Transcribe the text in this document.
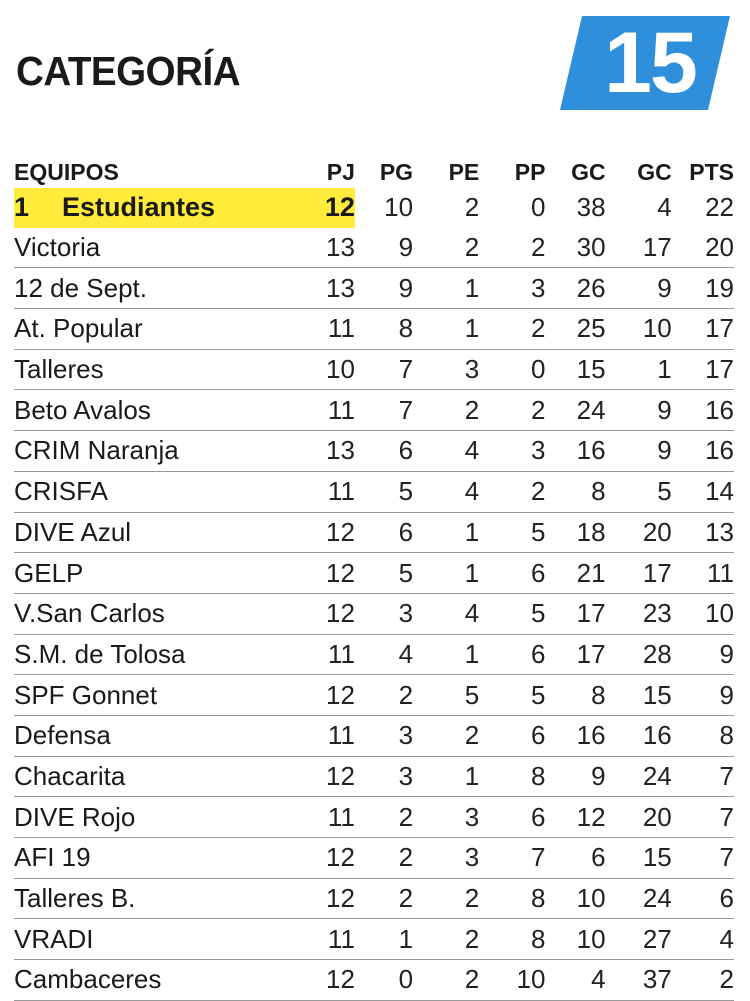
CATEGORÍA	15
EQUIPOS	PJ	PG	PE	PP	GC	GC	PTS
1 Estudiantes	12	10	2	0	38	4	22
Victoria	13	9	2	2	30	17	20
12 de Sept.	13	9	1	3	26	9	19
At. Popular	11	8	1	2	25	10	17
Talleres	10	7	3	0	15	1	17
Beto Avalos	11	7	2	2	24	9	16
CRIM Naranja	13	6	4	3	16	9	16
CRISFA	11	5	4	2	8	5	14
DIVE Azul	12	6	1	5	18	20	13
GELP	12	5	1	6	21	17	11
V.San Carlos	12	3	4	5	17	23	10
S.M. de Tolosa	11	4	1	6	17	28	9
SPF Gonnet	12	2	5	5	8	15	9
Defensa	11	3	2	6	16	16	8
Chacarita	12	3	1	8	9	24	7
DIVE Rojo	11	2	3	6	12	20	7
AFI 19	12	2	3	7	6	15	7
Talleres B.	12	2	2	8	10	24	6
VRADI	11	1	2	8	10	27	4
Cambaceres	12	0	2	10	4	37	2
